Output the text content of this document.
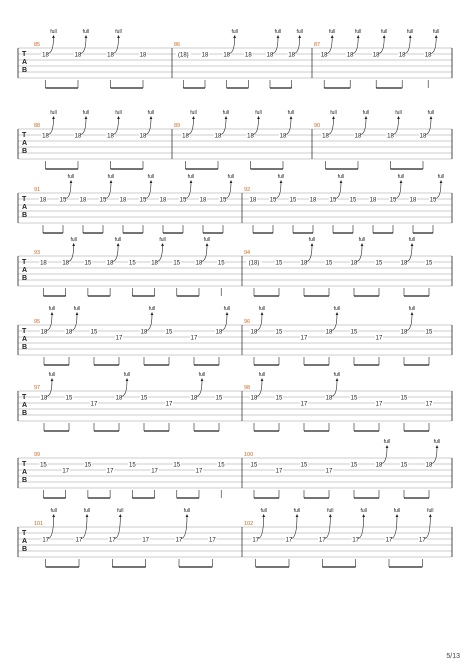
T
A
B
85
18
full
18
full
18
full
18
86
(18) 18 18
full
18 18
full
18
full
87
18
full
18
full
18
full
18
full
18
full
T
A
B
88
18
full
18
full
18
full
18
full
89
18
full
18
full
18
full
18
full
90
18
full
18
full
18
full
18
full
T
A
B
91
18 15
full
18 15
full
18 15
full
18 15
full
18 15
full
92
18 15
full
15 18 15
full
15 18 15
full
18 15
full
T
A
B
93
18	18
full
15	18
full
15	18
full
15	18
full
15
94
(18)	15	18
full
15	18
full
15	18
full
15
T
A
B
95
18
full
18
full
15
17
18
full
15
17
18
full
96
18
full
15
17
18
full
15
17
18
full
15
T
A
B
97
18
full
15
17
18
full
15
17
18
full
15
98
18
full
15
17
18
full
15
17
15
17
T
A
B
99
15
17
15
17
15
17
15
17
15
100
15
17
15
17
15	18
full
15	18
full
T
A
B
101
17
full
17
full
17
full
17	17
full
17
102
17
full
17
full
17
full
17
full
17
full
17
full
5/13
